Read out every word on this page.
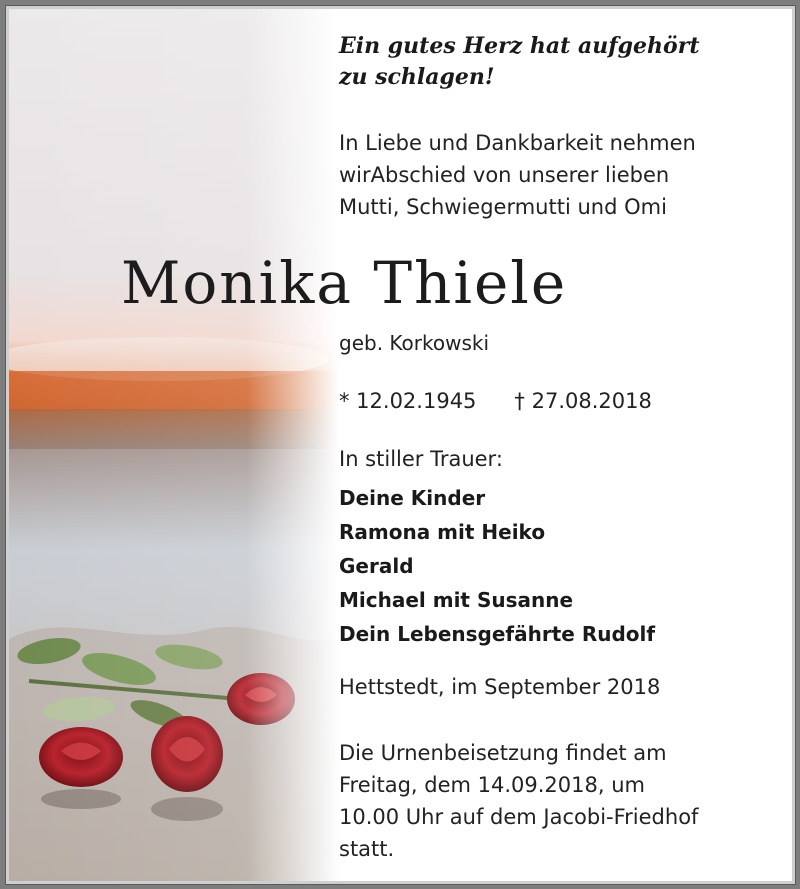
Ein gutes Herz hat aufgehört
zu schlagen!
In Liebe und Dankbarkeit nehmen
wirAbschied von unserer lieben
Mutti, Schwiegermutti und Omi
Monika Thiele
geb. Korkowski
* 12.02.1945 † 27.08.2018
In stiller Trauer:
Deine Kinder
Ramona mit Heiko
Gerald
Michael mit Susanne
Dein Lebensgefährte Rudolf
Hettstedt, im September 2018
Die Urnenbeisetzung findet am
Freitag, dem 14.09.2018, um
10.00 Uhr auf dem Jacobi-Friedhof
statt.
